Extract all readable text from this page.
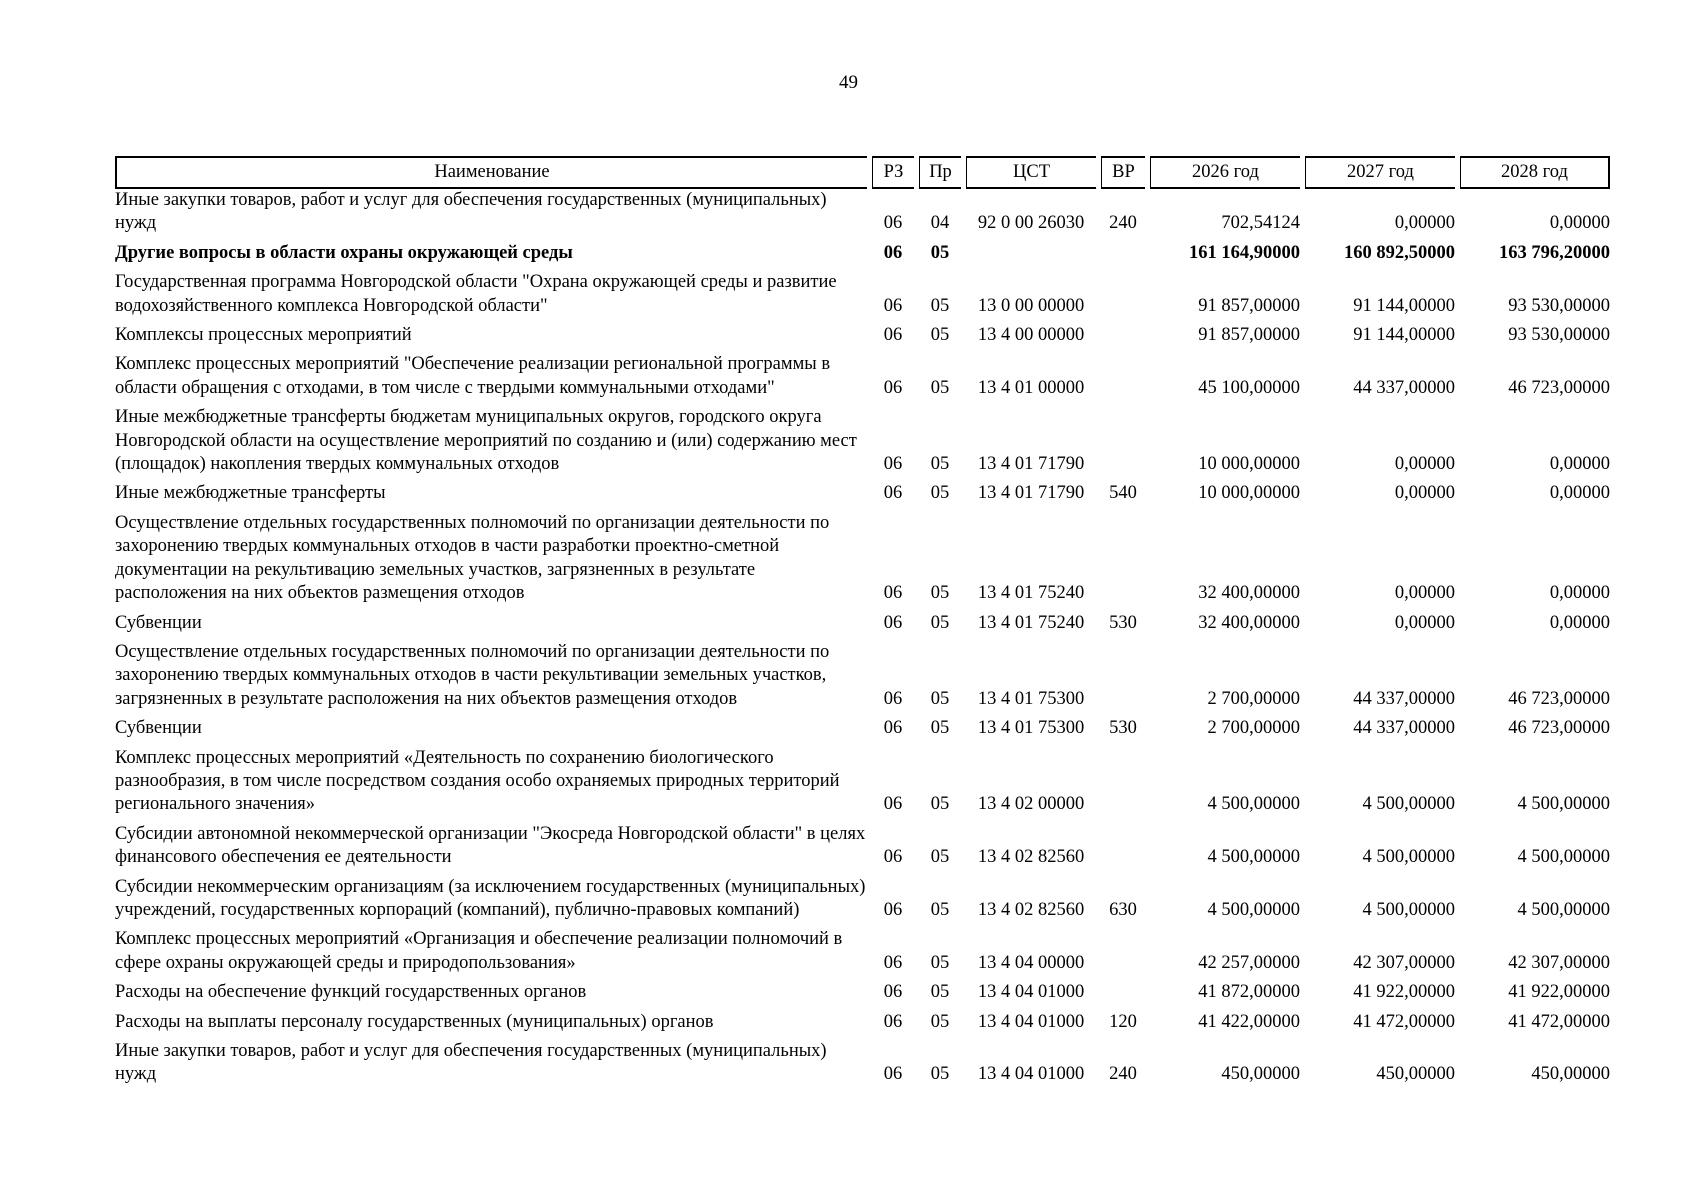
49
Наименование		РЗ		Пр		ЦСТ		ВР		2026 год		2027 год		2028 год
Иные закупки товаров, работ и услуг для обеспечения государственных (муниципальных) нужд		06		04		92 0 00 26030		240		702,54124		0,00000		0,00000
Другие вопросы в области охраны окружающей среды		06		05						161 164,90000		160 892,50000		163 796,20000
Государственная программа Новгородской области "Охрана окружающей среды и развитие водохозяйственного комплекса Новгородской области"		06		05		13 0 00 00000				91 857,00000		91 144,00000		93 530,00000
Комплексы процессных мероприятий		06		05		13 4 00 00000				91 857,00000		91 144,00000		93 530,00000
Комплекс процессных мероприятий "Обеспечение реализации региональной программы в области обращения с отходами, в том числе с твердыми коммунальными отходами"		06		05		13 4 01 00000				45 100,00000		44 337,00000		46 723,00000
Иные межбюджетные трансферты бюджетам муниципальных округов, городского округа Новгородской области на осуществление мероприятий по созданию и (или) содержанию мест (площадок) накопления твердых коммунальных отходов		06		05		13 4 01 71790				10 000,00000		0,00000		0,00000
Иные межбюджетные трансферты		06		05		13 4 01 71790		540		10 000,00000		0,00000		0,00000
Осуществление отдельных государственных полномочий по организации деятельности по захоронению твердых коммунальных отходов в части разработки проектно-сметной документации на рекультивацию земельных участков, загрязненных в результате расположения на них объектов размещения отходов		06		05		13 4 01 75240				32 400,00000		0,00000		0,00000
Субвенции		06		05		13 4 01 75240		530		32 400,00000		0,00000		0,00000
Осуществление отдельных государственных полномочий по организации деятельности по захоронению твердых коммунальных отходов в части рекультивации земельных участков, загрязненных в результате расположения на них объектов размещения отходов		06		05		13 4 01 75300				2 700,00000		44 337,00000		46 723,00000
Субвенции		06		05		13 4 01 75300		530		2 700,00000		44 337,00000		46 723,00000
Комплекс процессных мероприятий «Деятельность по сохранению биологического разнообразия, в том числе посредством создания особо охраняемых природных территорий регионального значения»		06		05		13 4 02 00000				4 500,00000		4 500,00000		4 500,00000
Субсидии автономной некоммерческой организации "Экосреда Новгородской области" в целях финансового обеспечения ее деятельности		06		05		13 4 02 82560				4 500,00000		4 500,00000		4 500,00000
Субсидии некоммерческим организациям (за исключением государственных (муниципальных) учреждений, государственных корпораций (компаний), публично-правовых компаний)		06		05		13 4 02 82560		630		4 500,00000		4 500,00000		4 500,00000
Комплекс процессных мероприятий «Организация и обеспечение реализации полномочий в сфере охраны окружающей среды и природопользования»		06		05		13 4 04 00000				42 257,00000		42 307,00000		42 307,00000
Расходы на обеспечение функций государственных органов		06		05		13 4 04 01000				41 872,00000		41 922,00000		41 922,00000
Расходы на выплаты персоналу государственных (муниципальных) органов		06		05		13 4 04 01000		120		41 422,00000		41 472,00000		41 472,00000
Иные закупки товаров, работ и услуг для обеспечения государственных (муниципальных) нужд		06		05		13 4 04 01000		240		450,00000		450,00000		450,00000
